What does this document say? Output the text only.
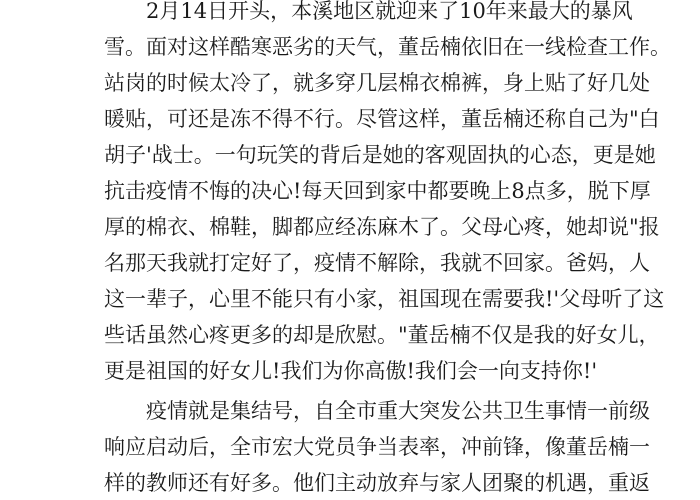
2月14日开头，本溪地区就迎来了10年来最大的暴风
雪。面对这样酷寒恶劣的天气，董岳楠依旧在一线检查工作。
站岗的时候太冷了，就多穿几层棉衣棉裤，身上贴了好几处
暖贴，可还是冻不得不行。尽管这样，董岳楠还称自己为"白
胡子'战士。一句玩笑的背后是她的客观固执的心态，更是她
抗击疫情不悔的决心!每天回到家中都要晚上8点多，脱下厚
厚的棉衣、棉鞋，脚都应经冻麻木了。父母心疼，她却说"报
名那天我就打定好了，疫情不解除，我就不回家。爸妈，人
这一辈子，心里不能只有小家，祖国现在需要我!'父母听了这
些话虽然心疼更多的却是欣慰。"董岳楠不仅是我的好女儿，
更是祖国的好女儿!我们为你高傲!我们会一向支持你!'
疫情就是集结号，自全市重大突发公共卫生事情一前级
响应启动后，全市宏大党员争当表率，冲前锋，像董岳楠一
样的教师还有好多。他们主动放弃与家人团聚的机遇，重返
